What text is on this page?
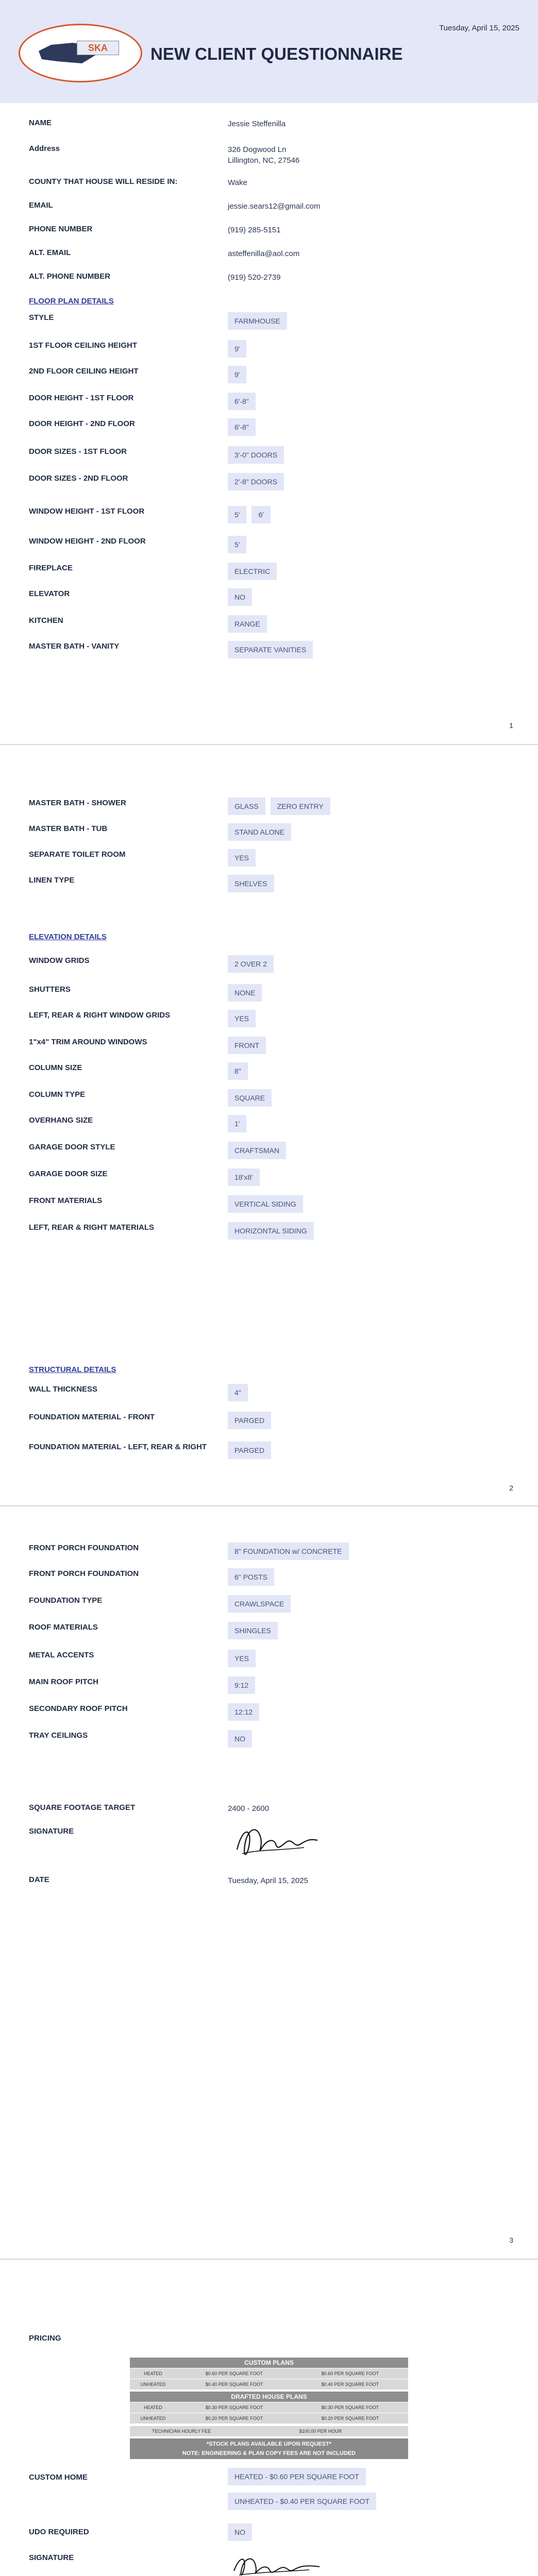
SKA	NEW CLIENT QUESTIONNAIRE
Tuesday, April 15, 2025
NAME	Jessie Steffenilla
Address	326 Dogwood Ln
Lillington, NC, 27546
COUNTY THAT HOUSE WILL RESIDE IN:	Wake
EMAIL	jessie.sears12@gmail.com
PHONE NUMBER	(919) 285-5151
ALT. EMAIL	asteffenilla@aol.com
ALT. PHONE NUMBER	(919) 520-2739
FLOOR PLAN DETAILS
STYLE	FARMHOUSE
1ST FLOOR CEILING HEIGHT	9'
2ND FLOOR CEILING HEIGHT	9'
DOOR HEIGHT - 1ST FLOOR	6'-8"
DOOR HEIGHT - 2ND FLOOR	6'-8"
DOOR SIZES - 1ST FLOOR	3'-0" DOORS
DOOR SIZES - 2ND FLOOR	2'-8" DOORS
WINDOW HEIGHT - 1ST FLOOR	5'	6'
WINDOW HEIGHT - 2ND FLOOR	5'
FIREPLACE	ELECTRIC
ELEVATOR	NO
KITCHEN	RANGE
MASTER BATH - VANITY	SEPARATE VANITIES
MASTER BATH - SHOWER	GLASS	ZERO ENTRY
MASTER BATH - TUB	STAND ALONE
SEPARATE TOILET ROOM	YES
LINEN TYPE	SHELVES
1
ELEVATION DETAILS
WINDOW GRIDS	2 OVER 2
SHUTTERS	NONE
LEFT, REAR & RIGHT WINDOW GRIDS	YES
1"x4" TRIM AROUND WINDOWS	FRONT
COLUMN SIZE	8"
COLUMN TYPE	SQUARE
OVERHANG SIZE	1'
GARAGE DOOR STYLE	CRAFTSMAN
GARAGE DOOR SIZE	18'x8'
FRONT MATERIALS	VERTICAL SIDING
LEFT, REAR & RIGHT MATERIALS	HORIZONTAL SIDING
STRUCTURAL DETAILS
WALL THICKNESS	4"
FOUNDATION MATERIAL - FRONT	PARGED
FOUNDATION MATERIAL - LEFT, REAR & RIGHT	PARGED
FRONT PORCH FOUNDATION	8" FOUNDATION w/ CONCRETE
FRONT PORCH FOUNDATION	6" POSTS
FOUNDATION TYPE	CRAWLSPACE
ROOF MATERIALS	SHINGLES
METAL ACCENTS	YES
MAIN ROOF PITCH	9:12
SECONDARY ROOF PITCH	12:12
TRAY CEILINGS	NO
2
SQUARE FOOTAGE TARGET	2400 - 2600
SIGNATURE
DATE	Tuesday, April 15, 2025
3
PRICING
CUSTOM PLANS
HEATED	$0.60 PER SQUARE FOOT	$0.60 PER SQUARE FOOT
UNHEATED	$0.40 PER SQUARE FOOT	$0.40 PER SQUARE FOOT
DRAFTED HOUSE PLANS
HEATED	$0.30 PER SQUARE FOOT	$0.30 PER SQUARE FOOT
UNHEATED	$0.20 PER SQUARE FOOT	$0.20 PER SQUARE FOOT
TECHNICIAN HOURLY FEE	$100.00 PER HOUR
*STOCK PLANS AVAILABLE UPON REQUEST*
NOTE: ENGINEERING & PLAN COPY FEES ARE NOT INCLUDED
CUSTOM HOME	HEATED - $0.60 PER SQUARE FOOT
UNHEATED - $0.40 PER SQUARE FOOT
UDO REQUIRED	NO
SIGNATURE
